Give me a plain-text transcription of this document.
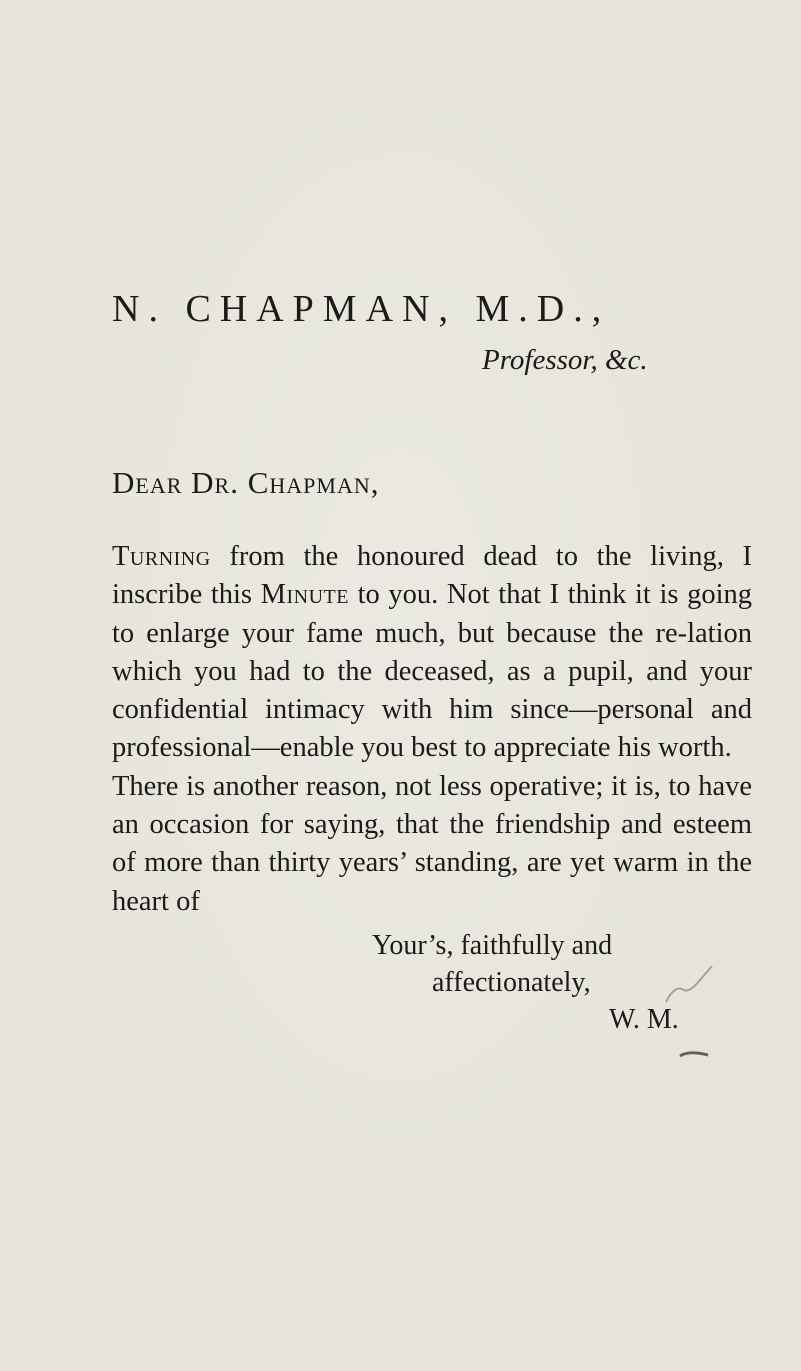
N. CHAPMAN, M.D.,
Professor, &c.
Dear Dr. Chapman,

Turning from the honoured dead to the living, I inscribe this Minute to you. Not that I think it is going to enlarge your fame much, but because the re-lation which you had to the deceased, as a pupil, and your confidential intimacy with him since—personal and professional—enable you best to appreciate his worth.

There is another reason, not less operative; it is, to have an occasion for saying, that the friendship and esteem of more than thirty years’ standing, are yet warm in the heart of

Your’s, faithfully and
affectionately,
W. M.
